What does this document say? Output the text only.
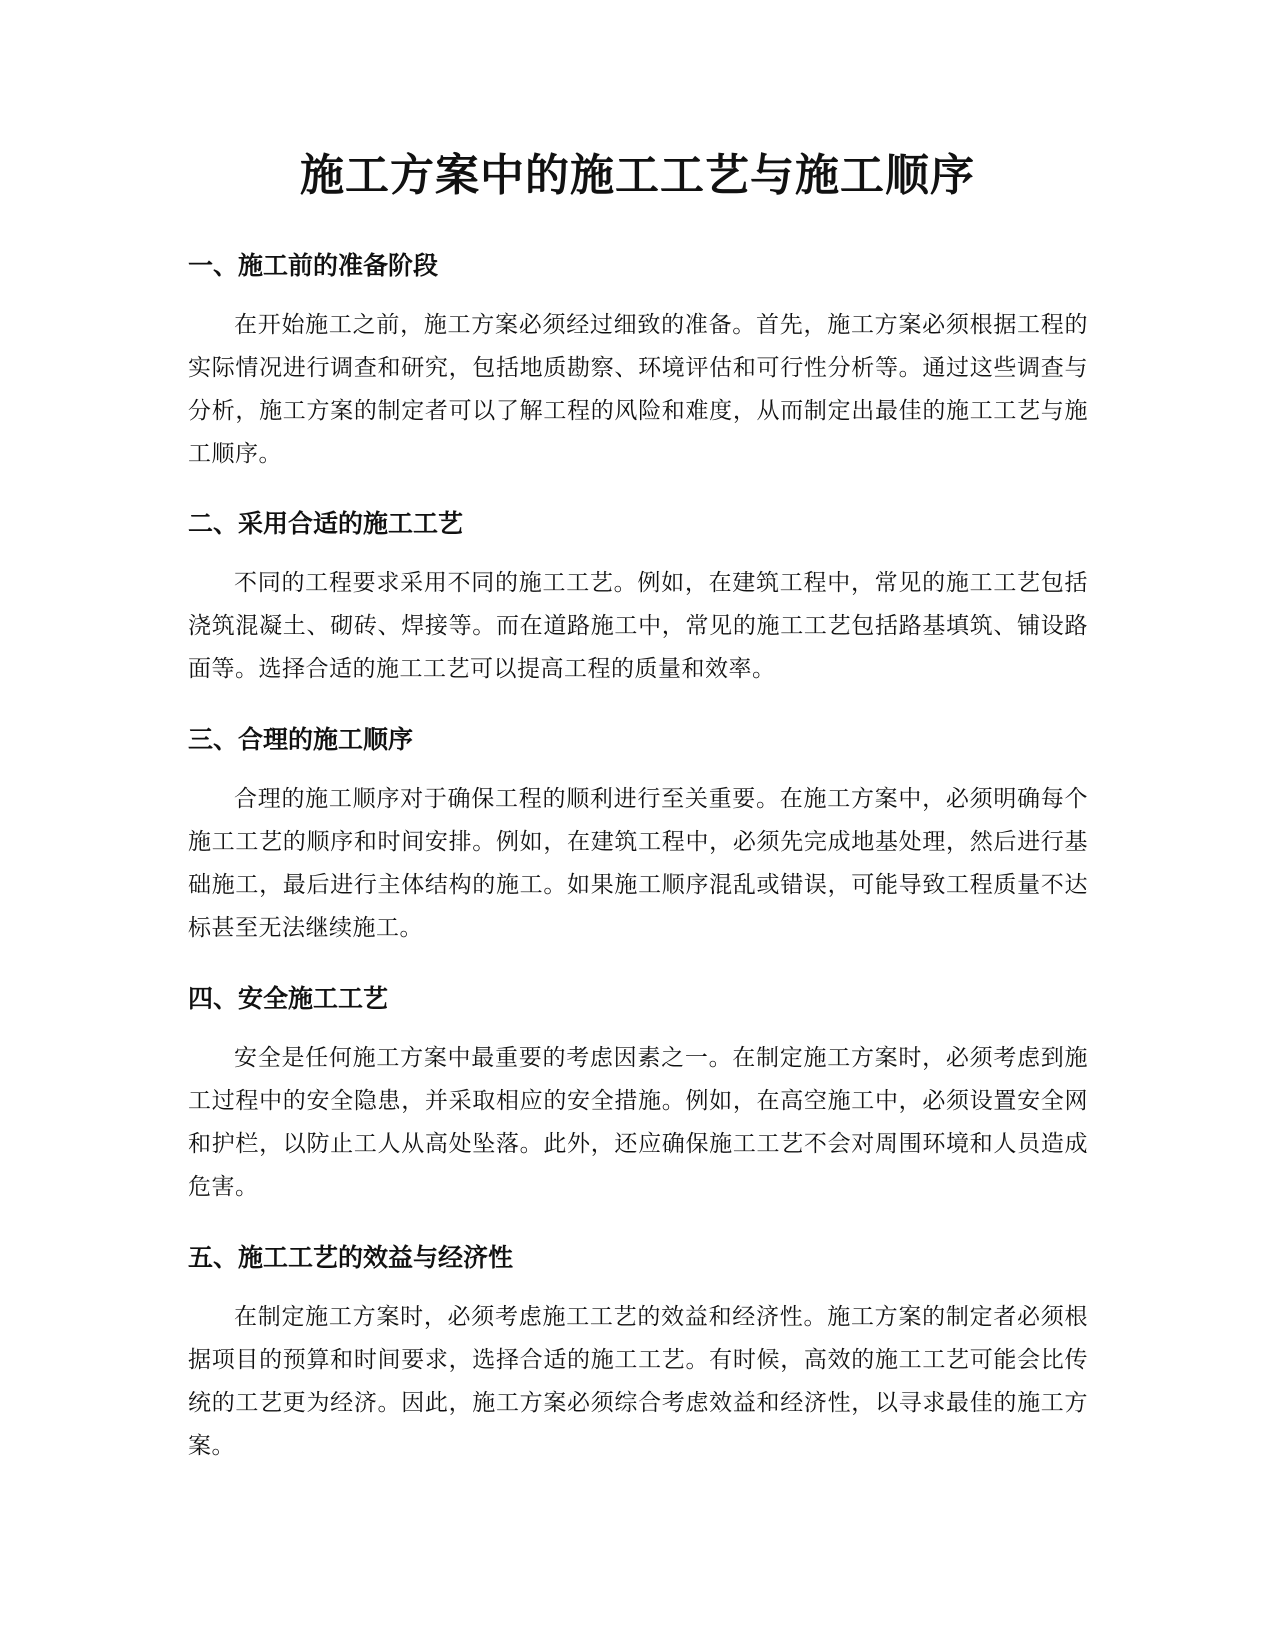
施工方案中的施工工艺与施工顺序
一、施工前的准备阶段

在开始施工之前，施工方案必须经过细致的准备。首先，施工方案必须根据工程的实际情况进行调查和研究，包括地质勘察、环境评估和可行性分析等。通过这些调查与分析，施工方案的制定者可以了解工程的风险和难度，从而制定出最佳的施工工艺与施工顺序。

二、采用合适的施工工艺

不同的工程要求采用不同的施工工艺。例如，在建筑工程中，常见的施工工艺包括浇筑混凝土、砌砖、焊接等。而在道路施工中，常见的施工工艺包括路基填筑、铺设路面等。选择合适的施工工艺可以提高工程的质量和效率。

三、合理的施工顺序

合理的施工顺序对于确保工程的顺利进行至关重要。在施工方案中，必须明确每个施工工艺的顺序和时间安排。例如，在建筑工程中，必须先完成地基处理，然后进行基础施工，最后进行主体结构的施工。如果施工顺序混乱或错误，可能导致工程质量不达标甚至无法继续施工。

四、安全施工工艺

安全是任何施工方案中最重要的考虑因素之一。在制定施工方案时，必须考虑到施工过程中的安全隐患，并采取相应的安全措施。例如，在高空施工中，必须设置安全网和护栏，以防止工人从高处坠落。此外，还应确保施工工艺不会对周围环境和人员造成危害。

五、施工工艺的效益与经济性

在制定施工方案时，必须考虑施工工艺的效益和经济性。施工方案的制定者必须根据项目的预算和时间要求，选择合适的施工工艺。有时候，高效的施工工艺可能会比传统的工艺更为经济。因此，施工方案必须综合考虑效益和经济性，以寻求最佳的施工方案。
